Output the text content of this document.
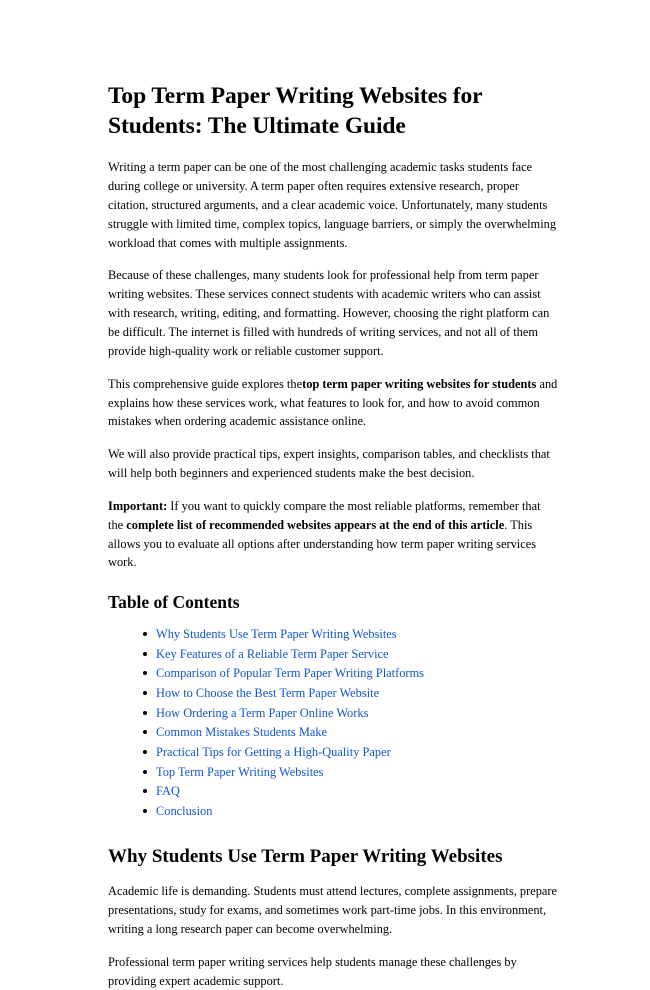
Top Term Paper Writing Websites for Students: The Ultimate Guide

Writing a term paper can be one of the most challenging academic tasks students face during college or university. A term paper often requires extensive research, proper citation, structured arguments, and a clear academic voice. Unfortunately, many students struggle with limited time, complex topics, language barriers, or simply the overwhelming workload that comes with multiple assignments.

Because of these challenges, many students look for professional help from term paper writing websites. These services connect students with academic writers who can assist with research, writing, editing, and formatting. However, choosing the right platform can be difficult. The internet is filled with hundreds of writing services, and not all of them provide high-quality work or reliable customer support.

This comprehensive guide explores thetop term paper writing websites for students and explains how these services work, what features to look for, and how to avoid common mistakes when ordering academic assistance online.

We will also provide practical tips, expert insights, comparison tables, and checklists that will help both beginners and experienced students make the best decision.

Important: If you want to quickly compare the most reliable platforms, remember that the complete list of recommended websites appears at the end of this article. This allows you to evaluate all options after understanding how term paper writing services work.

Table of Contents
Why Students Use Term Paper Writing Websites
Key Features of a Reliable Term Paper Service
Comparison of Popular Term Paper Writing Platforms
How to Choose the Best Term Paper Website
How Ordering a Term Paper Online Works
Common Mistakes Students Make
Practical Tips for Getting a High-Quality Paper
Top Term Paper Writing Websites
FAQ
Conclusion
Why Students Use Term Paper Writing Websites

Academic life is demanding. Students must attend lectures, complete assignments, prepare presentations, study for exams, and sometimes work part-time jobs. In this environment, writing a long research paper can become overwhelming.

Professional term paper writing services help students manage these challenges by providing expert academic support.
